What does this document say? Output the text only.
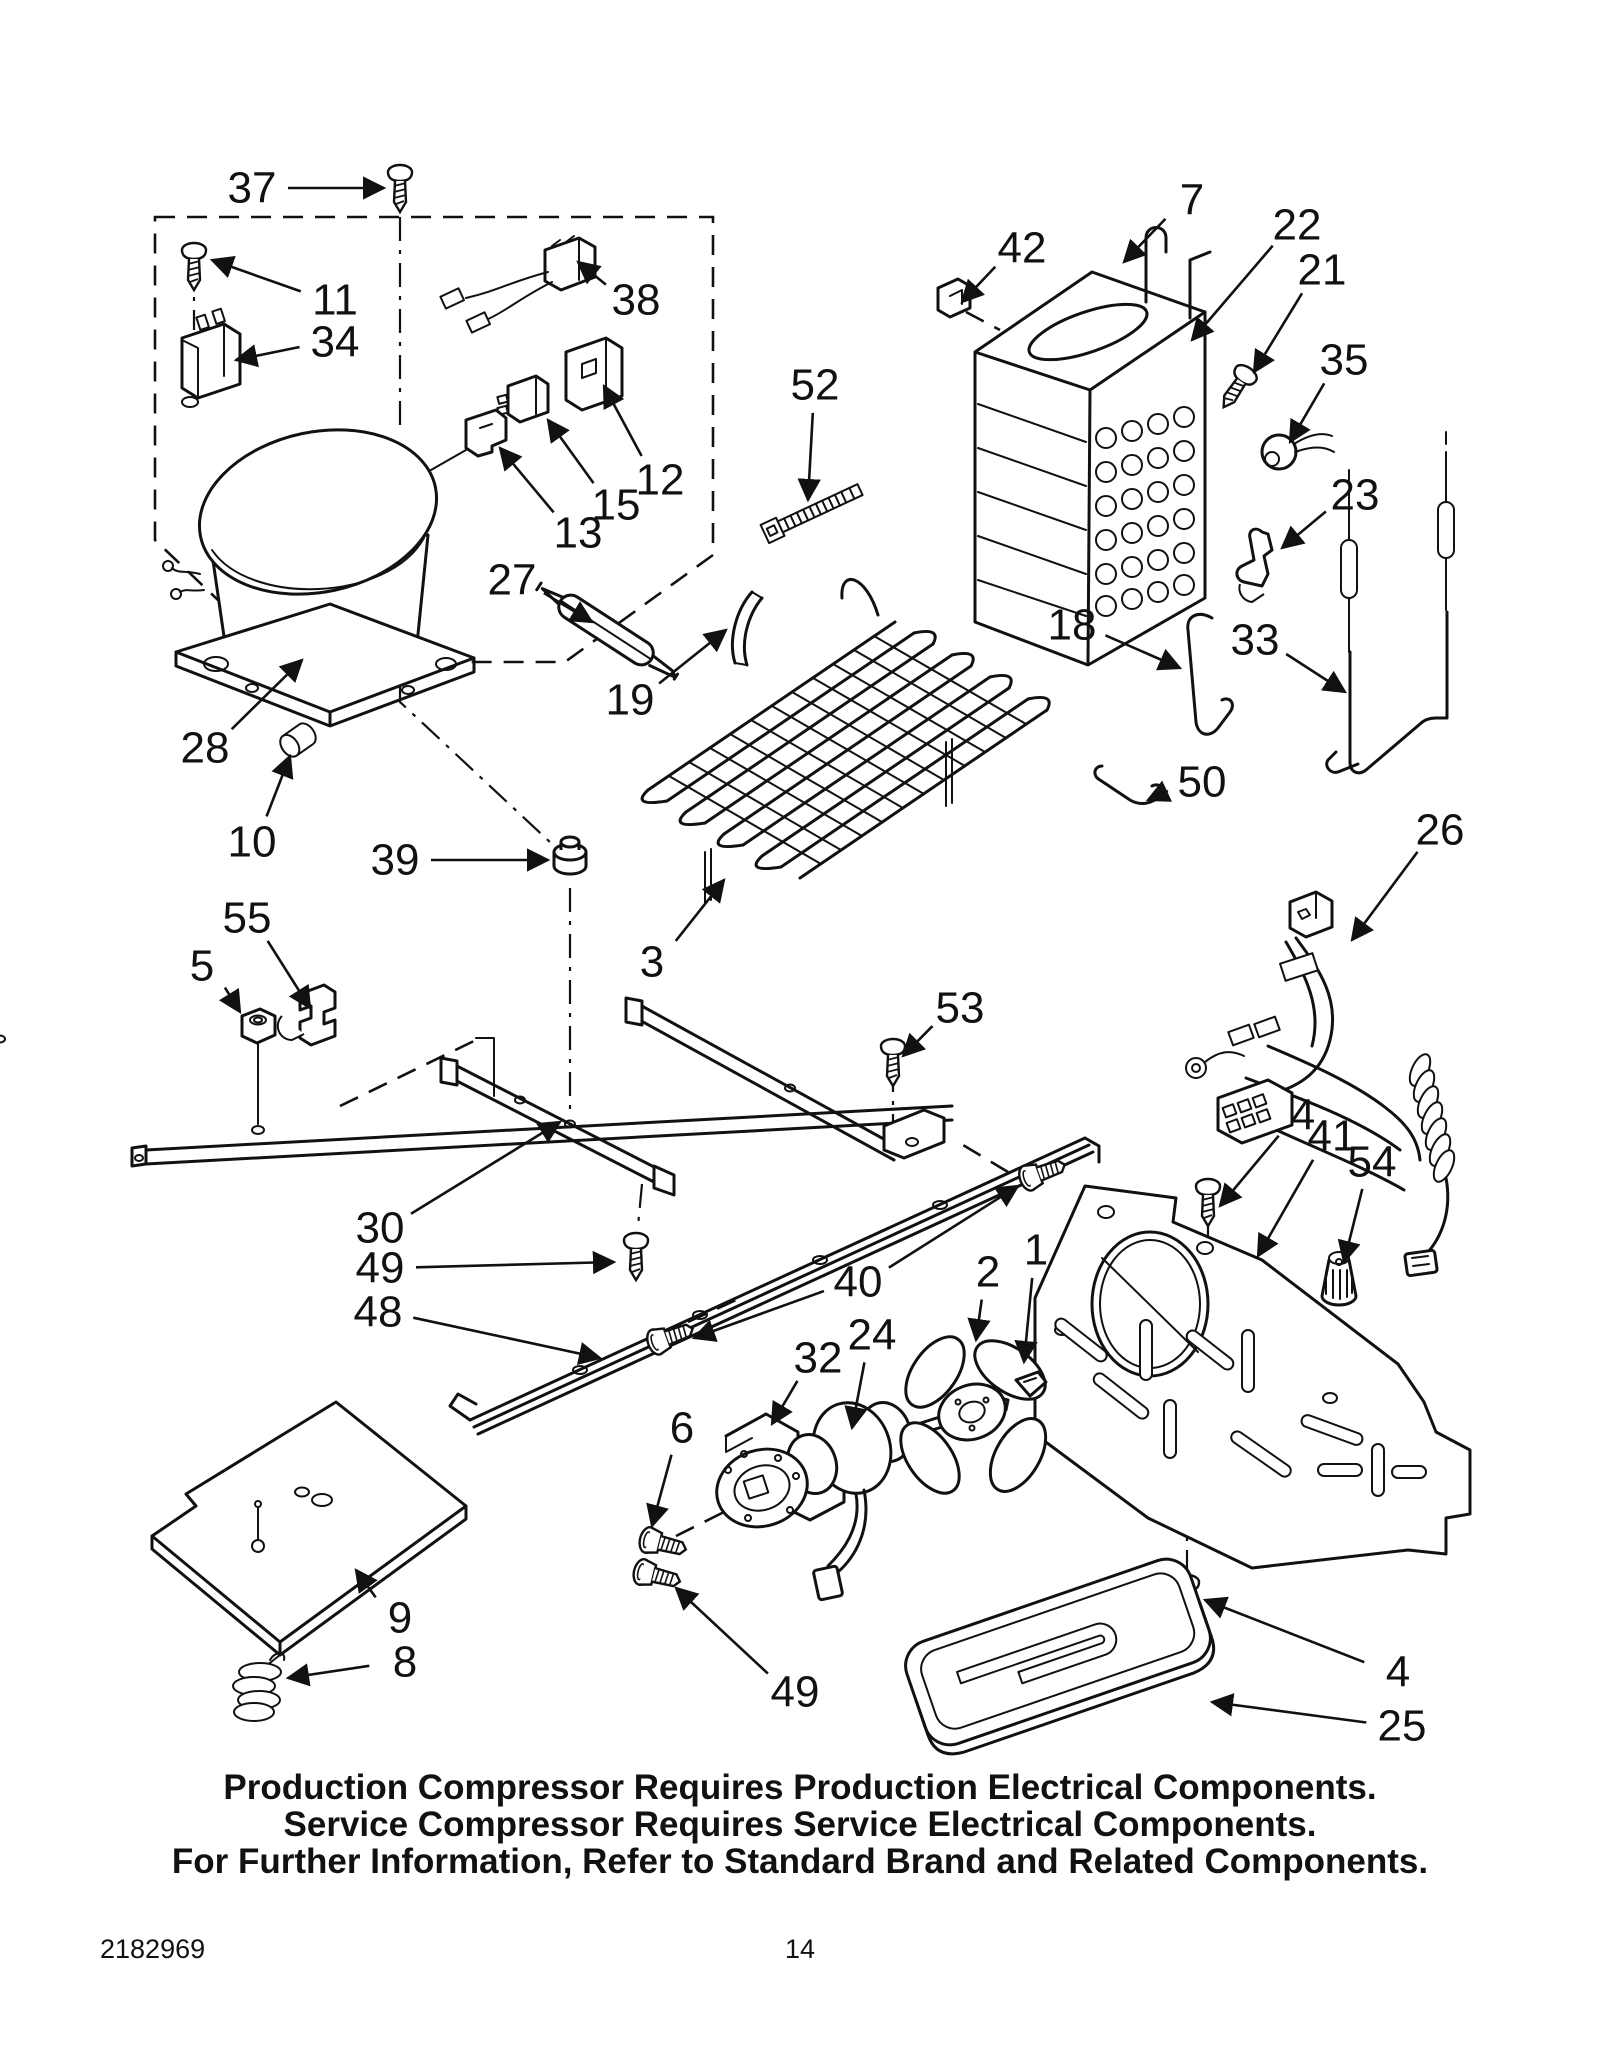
37
11
34
38
12
15
13
27
52
42
7
22
21
35
23
18	33
19
28
10 39
50
26
55
5	3
53
30
49
48
40
32 24
2 1
4
41
54
6
9
8
49	4
25
Production Compressor Requires Production Electrical Components.
Service Compressor Requires Service Electrical Components.
For Further Information, Refer to Standard Brand and Related Components.
2182969	14
